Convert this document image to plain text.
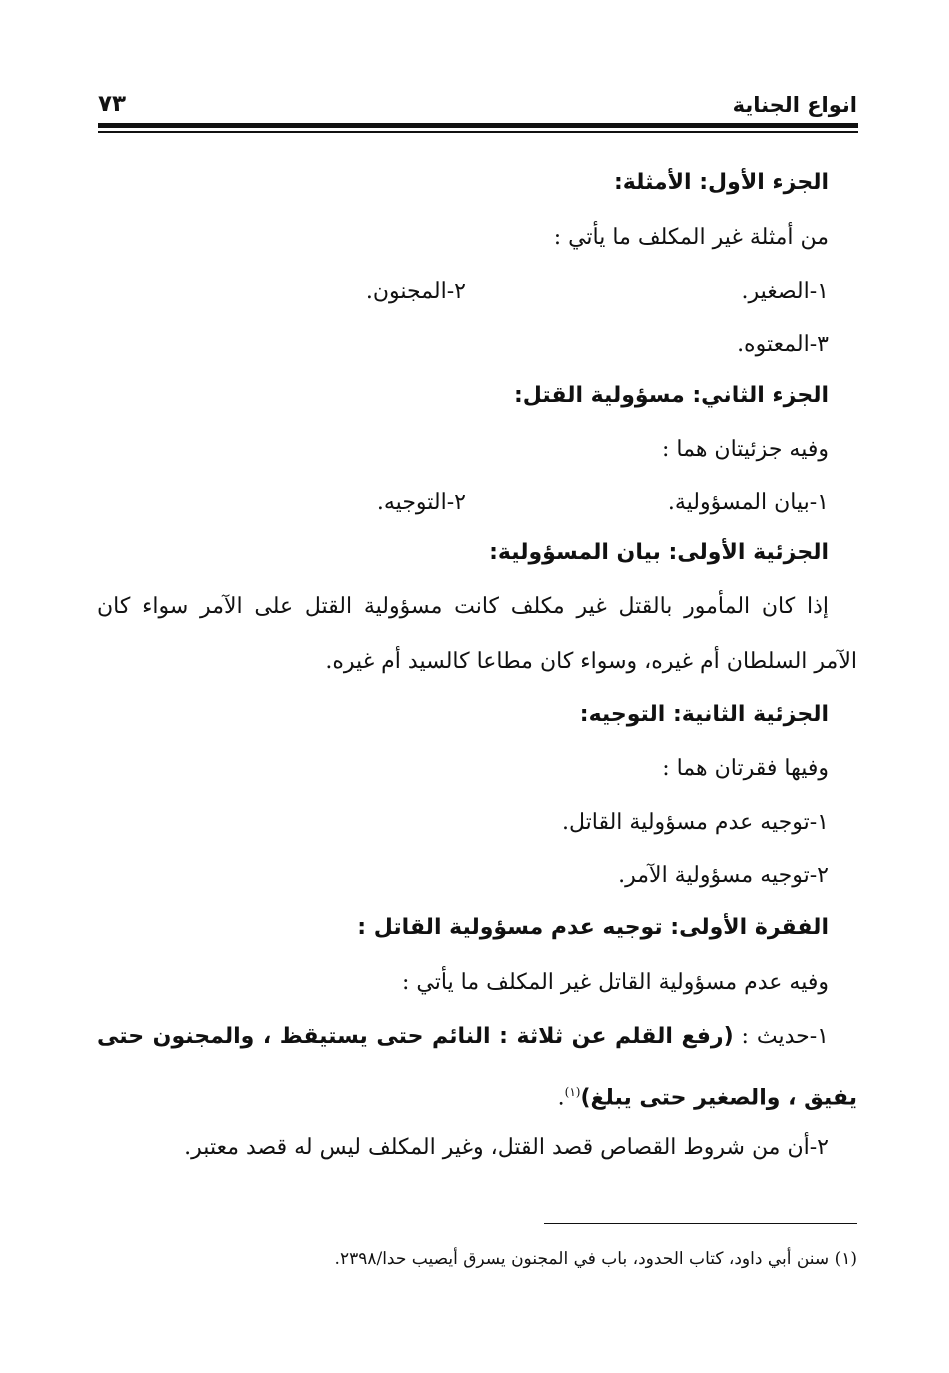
انواع الجناية
٧٣
الجزء الأول: الأمثلة:
من أمثلة غير المكلف ما يأتي :
١-الصغير.
٢-المجنون.
٣-المعتوه.
الجزء الثاني: مسؤولية القتل:
وفيه جزئيتان هما :
١-بيان المسؤولية.
٢-التوجيه.
الجزئية الأولى: بيان المسؤولية:
إذا كان المأمور بالقتل غير مكلف كانت مسؤولية القتل على الآمر سواء كان
الآمر السلطان أم غيره، وسواء كان مطاعا كالسيد أم غيره.
الجزئية الثانية: التوجيه:
وفيها فقرتان هما :
١-توجيه عدم مسؤولية القاتل.
٢-توجيه مسؤولية الآمر.
الفقرة الأولى: توجيه عدم مسؤولية القاتل :
وفيه عدم مسؤولية القاتل غير المكلف ما يأتي :
١-حديث : (رفع القلم عن ثلاثة : النائم حتى يستيقظ ، والمجنون حتى
يفيق ، والصغير حتى يبلغ)$^{(١)}$.
٢-أن من شروط القصاص قصد القتل، وغير المكلف ليس له قصد معتبر.
(١) سنن أبي داود، كتاب الحدود، باب في المجنون يسرق أيصيب حدا/٢٣٩٨.
